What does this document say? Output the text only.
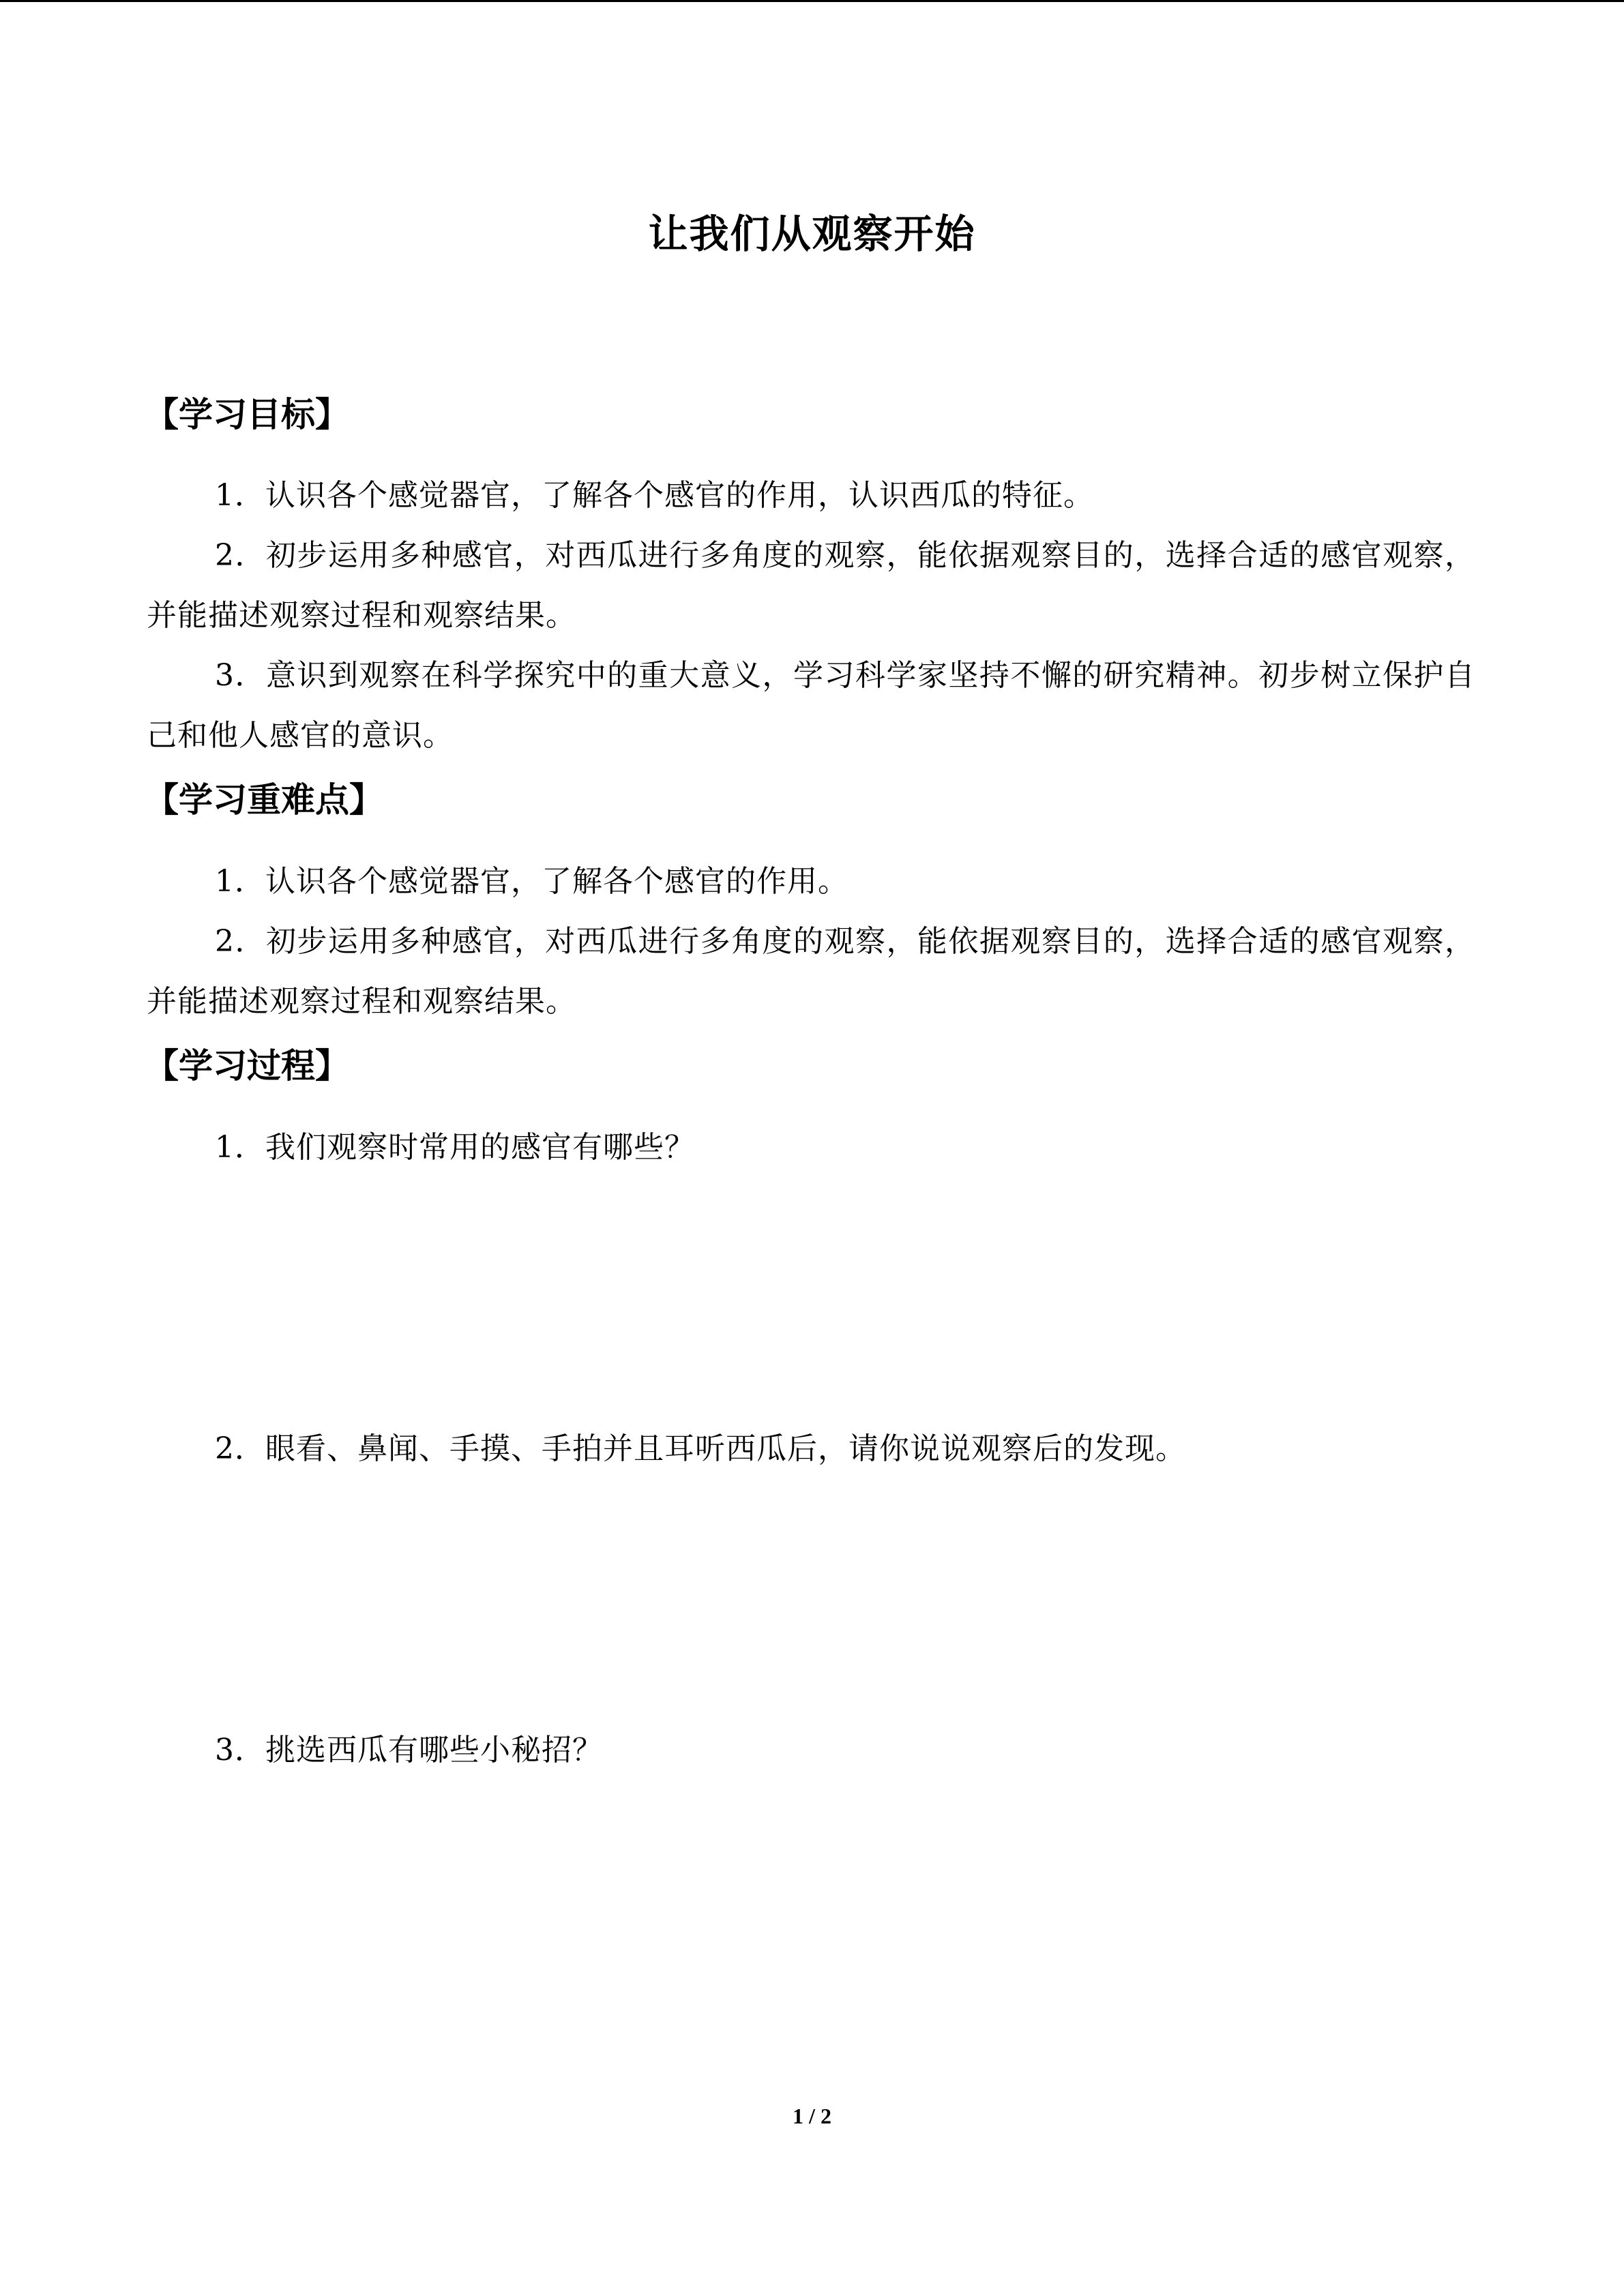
让我们从观察开始
【学习目标】

1．认识各个感觉器官，了解各个感官的作用，认识西瓜的特征。

2．初步运用多种感官，对西瓜进行多角度的观察，能依据观察目的，选择合适的感官观察，并能描述观察过程和观察结果。

3．意识到观察在科学探究中的重大意义，学习科学家坚持不懈的研究精神。初步树立保护自己和他人感官的意识。

【学习重难点】

1．认识各个感觉器官，了解各个感官的作用。

2．初步运用多种感官，对西瓜进行多角度的观察，能依据观察目的，选择合适的感官观察，并能描述观察过程和观察结果。

【学习过程】

1．我们观察时常用的感官有哪些？

2．眼看、鼻闻、手摸、手拍并且耳听西瓜后，请你说说观察后的发现。

3．挑选西瓜有哪些小秘招？

1 / 2
